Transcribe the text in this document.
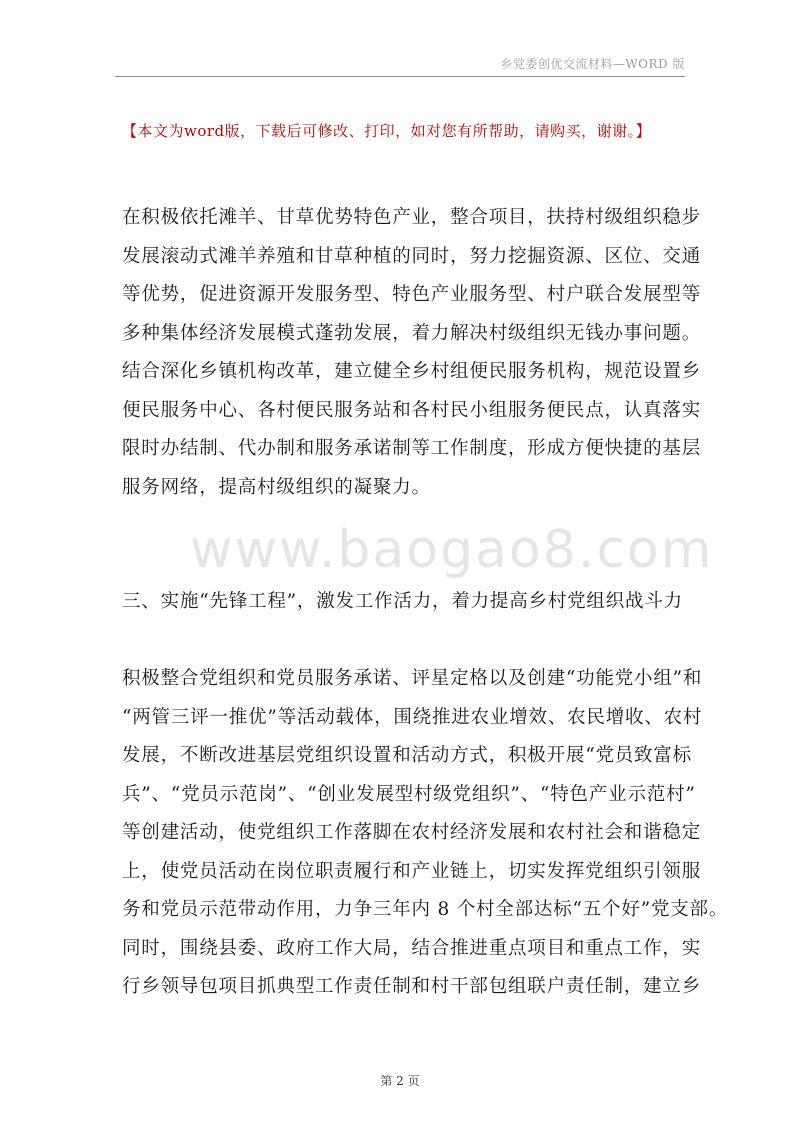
乡党委创优交流材料—WORD 版
【本文为word版，下载后可修改、打印，如对您有所帮助，请购买，谢谢。】
www.baogao8.com
在积极依托滩羊、甘草优势特色产业，整合项目，扶持村级组织稳步
发展滚动式滩羊养殖和甘草种植的同时，努力挖掘资源、区位、交通
等优势，促进资源开发服务型、特色产业服务型、村户联合发展型等
多种集体经济发展模式蓬勃发展，着力解决村级组织无钱办事问题。
结合深化乡镇机构改革，建立健全乡村组便民服务机构，规范设置乡
便民服务中心、各村便民服务站和各村民小组服务便民点，认真落实
限时办结制、代办制和服务承诺制等工作制度，形成方便快捷的基层
服务网络，提高村级组织的凝聚力。
三、实施“先锋工程”，激发工作活力，着力提高乡村党组织战斗力
积极整合党组织和党员服务承诺、评星定格以及创建“功能党小组”和
“两管三评一推优”等活动载体，围绕推进农业增效、农民增收、农村
发展，不断改进基层党组织设置和活动方式，积极开展“党员致富标
兵”、“党员示范岗”、“创业发展型村级党组织”、“特色产业示范村”
等创建活动，使党组织工作落脚在农村经济发展和农村社会和谐稳定
上，使党员活动在岗位职责履行和产业链上，切实发挥党组织引领服
务和党员示范带动作用，力争三年内 8 个村全部达标“五个好”党支部。
同时，围绕县委、政府工作大局，结合推进重点项目和重点工作，实
行乡领导包项目抓典型工作责任制和村干部包组联户责任制，建立乡
第 2 页
